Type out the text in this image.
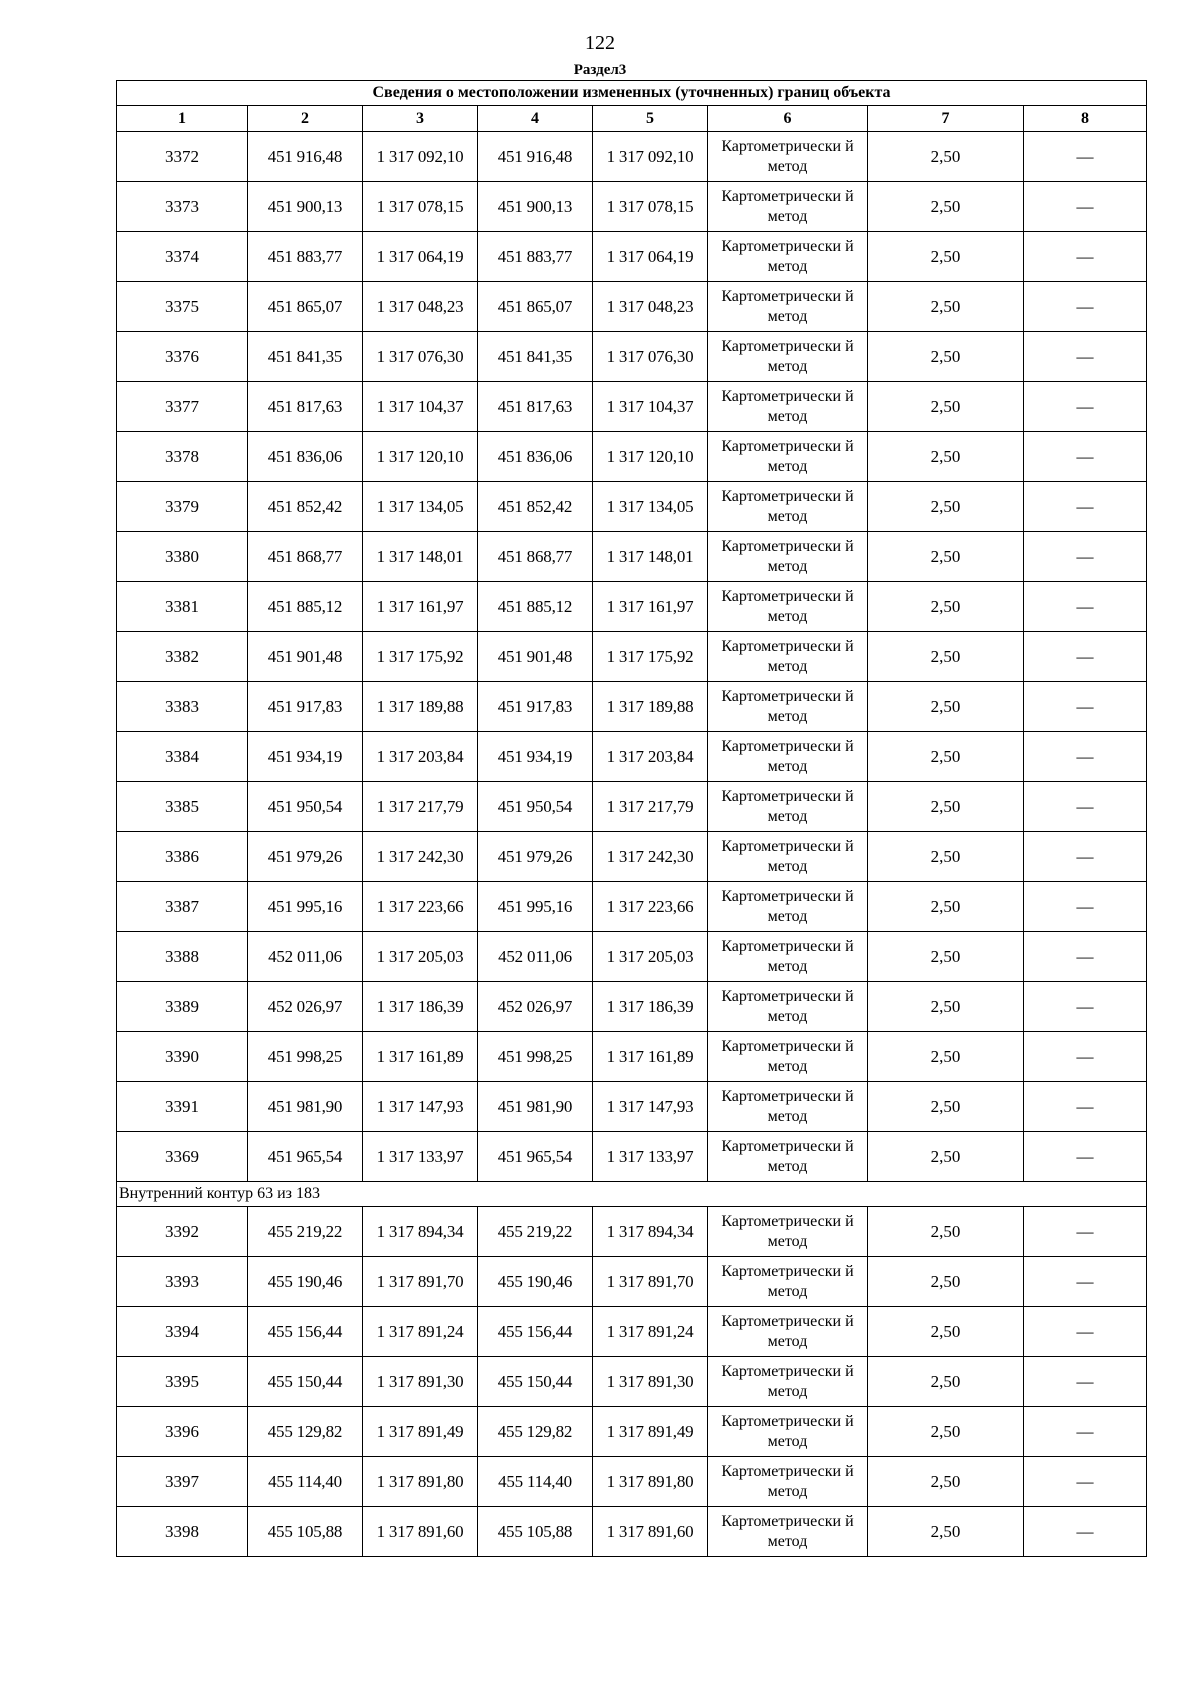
122
Раздел3
Сведения о местоположении измененных (уточненных) границ объекта							
1	2	3	4	5	6	7	8
3372	451 916,48	1 317 092,10	451 916,48	1 317 092,10	Картометрически й метод	2,50	—
3373	451 900,13	1 317 078,15	451 900,13	1 317 078,15	Картометрически й метод	2,50	—
3374	451 883,77	1 317 064,19	451 883,77	1 317 064,19	Картометрически й метод	2,50	—
3375	451 865,07	1 317 048,23	451 865,07	1 317 048,23	Картометрически й метод	2,50	—
3376	451 841,35	1 317 076,30	451 841,35	1 317 076,30	Картометрически й метод	2,50	—
3377	451 817,63	1 317 104,37	451 817,63	1 317 104,37	Картометрически й метод	2,50	—
3378	451 836,06	1 317 120,10	451 836,06	1 317 120,10	Картометрически й метод	2,50	—
3379	451 852,42	1 317 134,05	451 852,42	1 317 134,05	Картометрически й метод	2,50	—
3380	451 868,77	1 317 148,01	451 868,77	1 317 148,01	Картометрически й метод	2,50	—
3381	451 885,12	1 317 161,97	451 885,12	1 317 161,97	Картометрически й метод	2,50	—
3382	451 901,48	1 317 175,92	451 901,48	1 317 175,92	Картометрически й метод	2,50	—
3383	451 917,83	1 317 189,88	451 917,83	1 317 189,88	Картометрически й метод	2,50	—
3384	451 934,19	1 317 203,84	451 934,19	1 317 203,84	Картометрически й метод	2,50	—
3385	451 950,54	1 317 217,79	451 950,54	1 317 217,79	Картометрически й метод	2,50	—
3386	451 979,26	1 317 242,30	451 979,26	1 317 242,30	Картометрически й метод	2,50	—
3387	451 995,16	1 317 223,66	451 995,16	1 317 223,66	Картометрически й метод	2,50	—
3388	452 011,06	1 317 205,03	452 011,06	1 317 205,03	Картометрически й метод	2,50	—
3389	452 026,97	1 317 186,39	452 026,97	1 317 186,39	Картометрически й метод	2,50	—
3390	451 998,25	1 317 161,89	451 998,25	1 317 161,89	Картометрически й метод	2,50	—
3391	451 981,90	1 317 147,93	451 981,90	1 317 147,93	Картометрически й метод	2,50	—
3369	451 965,54	1 317 133,97	451 965,54	1 317 133,97	Картометрически й метод	2,50	—
Внутренний контур 63 из 183							
3392	455 219,22	1 317 894,34	455 219,22	1 317 894,34	Картометрически й метод	2,50	—
3393	455 190,46	1 317 891,70	455 190,46	1 317 891,70	Картометрически й метод	2,50	—
3394	455 156,44	1 317 891,24	455 156,44	1 317 891,24	Картометрически й метод	2,50	—
3395	455 150,44	1 317 891,30	455 150,44	1 317 891,30	Картометрически й метод	2,50	—
3396	455 129,82	1 317 891,49	455 129,82	1 317 891,49	Картометрически й метод	2,50	—
3397	455 114,40	1 317 891,80	455 114,40	1 317 891,80	Картометрически й метод	2,50	—
3398	455 105,88	1 317 891,60	455 105,88	1 317 891,60	Картометрически й метод	2,50	—
